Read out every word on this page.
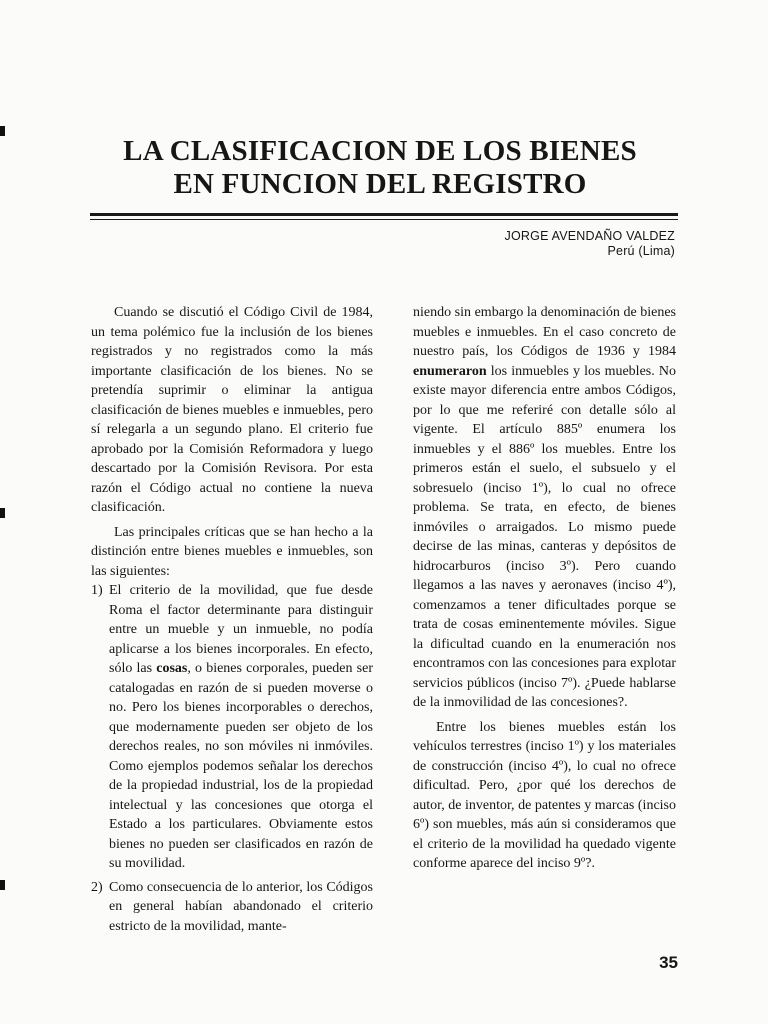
LA CLASIFICACION DE LOS BIENES
EN FUNCION DEL REGISTRO
JORGE AVENDAÑO VALDEZ
Perú (Lima)

Cuando se discutió el Código Civil de 1984, un tema polémico fue la inclusión de los bienes registrados y no registrados como la más importante clasificación de los bienes. No se pretendía suprimir o eliminar la antigua clasificación de bienes muebles e inmuebles, pero sí relegarla a un segundo plano. El criterio fue aprobado por la Comisión Reformadora y luego descartado por la Comisión Revisora. Por esta razón el Código actual no contiene la nueva clasificación.

Las principales críticas que se han hecho a la distinción entre bienes muebles e inmuebles, son las siguientes:

1) El criterio de la movilidad, que fue desde Roma el factor determinante para distinguir entre un mueble y un inmueble, no podía aplicarse a los bienes incorporales. En efecto, sólo las cosas, o bienes corporales, pueden ser catalogadas en razón de si pueden moverse o no. Pero los bienes incorporables o derechos, que modernamente pueden ser objeto de los derechos reales, no son móviles ni inmóviles. Como ejemplos podemos señalar los derechos de la propiedad industrial, los de la propiedad intelectual y las concesiones que otorga el Estado a los particulares. Obviamente estos bienes no pueden ser clasificados en razón de su movilidad.
2) Como consecuencia de lo anterior, los Códigos en general habían abandonado el criterio estricto de la movilidad, mante-

niendo sin embargo la denominación de bienes muebles e inmuebles. En el caso concreto de nuestro país, los Códigos de 1936 y 1984 enumeraron los inmuebles y los muebles. No existe mayor diferencia entre ambos Códigos, por lo que me referiré con detalle sólo al vigente. El artículo 885º enumera los inmuebles y el 886º los muebles. Entre los primeros están el suelo, el subsuelo y el sobresuelo (inciso 1º), lo cual no ofrece problema. Se trata, en efecto, de bienes inmóviles o arraigados. Lo mismo puede decirse de las minas, canteras y depósitos de hidrocarburos (inciso 3º). Pero cuando llegamos a las naves y aeronaves (inciso 4º), comenzamos a tener dificultades porque se trata de cosas eminentemente móviles. Sigue la dificultad cuando en la enumeración nos encontramos con las concesiones para explotar servicios públicos (inciso 7º). ¿Puede hablarse de la inmovilidad de las concesiones?.

Entre los bienes muebles están los vehículos terrestres (inciso 1º) y los materiales de construcción (inciso 4º), lo cual no ofrece dificultad. Pero, ¿por qué los derechos de autor, de inventor, de patentes y marcas (inciso 6º) son muebles, más aún si consideramos que el criterio de la movilidad ha quedado vigente conforme aparece del inciso 9º?.

35
